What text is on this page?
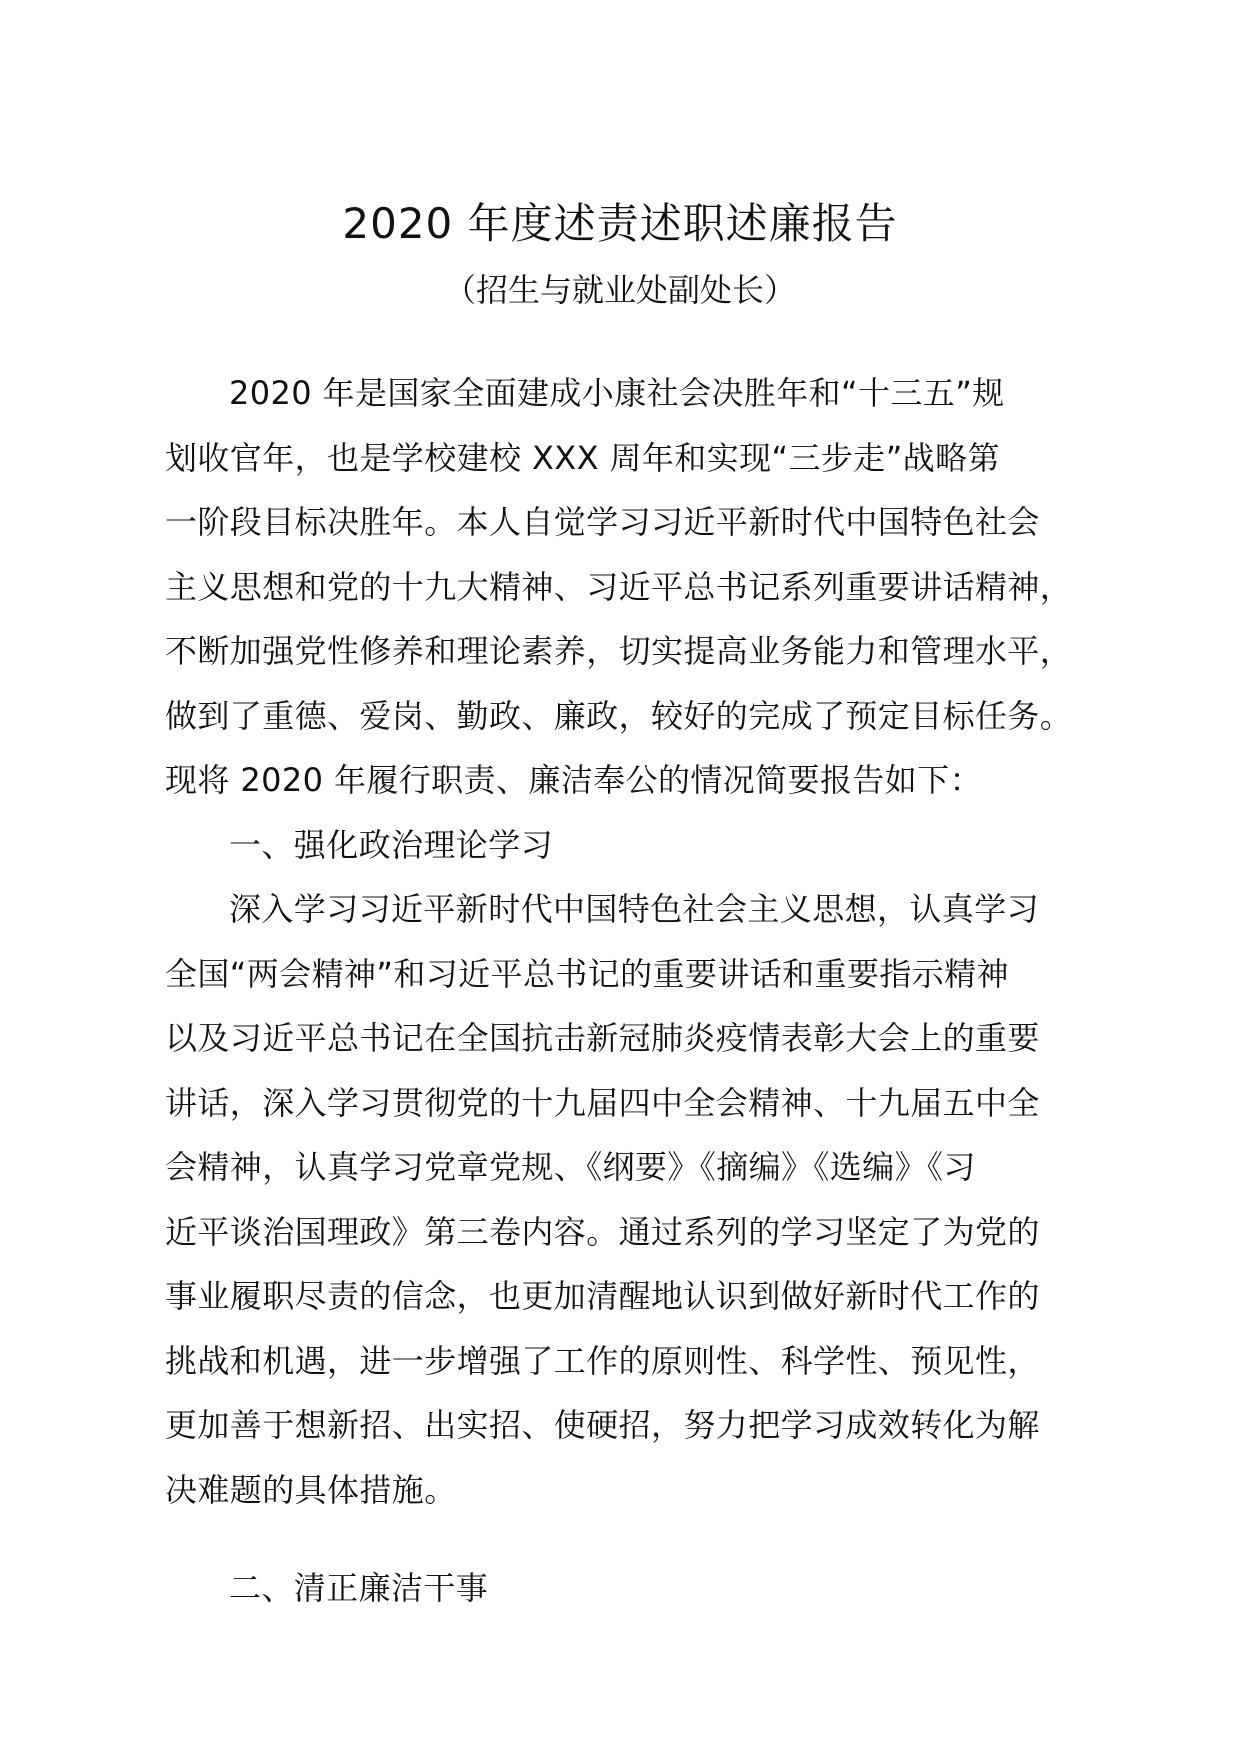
2020 年度述责述职述廉报告
（招生与就业处副处长）
2020 年是国家全面建成小康社会决胜年和“十三五”规
划收官年，也是学校建校 XXX 周年和实现“三步走”战略第
一阶段目标决胜年。本人自觉学习习近平新时代中国特色社会
主义思想和党的十九大精神、习近平总书记系列重要讲话精神，
不断加强党性修养和理论素养，切实提高业务能力和管理水平，
做到了重德、爱岗、勤政、廉政，较好的完成了预定目标任务。
现将 2020 年履行职责、廉洁奉公的情况简要报告如下：
一、强化政治理论学习
深入学习习近平新时代中国特色社会主义思想，认真学习
全国“两会精神”和习近平总书记的重要讲话和重要指示精神
以及习近平总书记在全国抗击新冠肺炎疫情表彰大会上的重要
讲话，深入学习贯彻党的十九届四中全会精神、十九届五中全
会精神，认真学习党章党规、《纲要》《摘编》《选编》《习
近平谈治国理政》第三卷内容。通过系列的学习坚定了为党的
事业履职尽责的信念，也更加清醒地认识到做好新时代工作的
挑战和机遇，进一步增强了工作的原则性、科学性、预见性，
更加善于想新招、出实招、使硬招，努力把学习成效转化为解
决难题的具体措施。
二、清正廉洁干事
